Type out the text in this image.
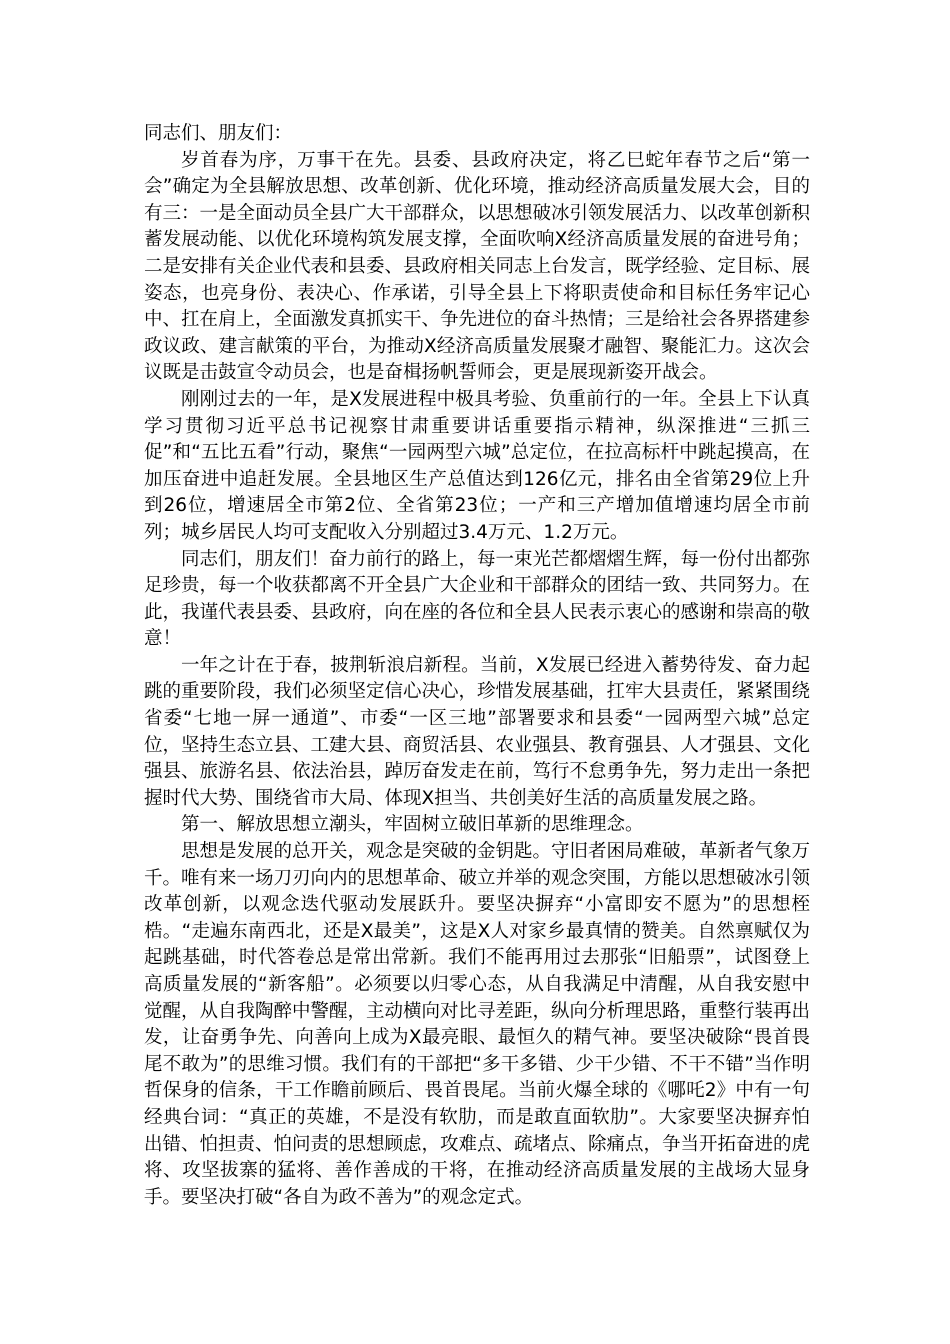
同志们、朋友们：

岁首春为序，万事干在先。县委、县政府决定，将乙巳蛇年春节之后“第一会”确定为全县解放思想、改革创新、优化环境，推动经济高质量发展大会，目的有三：一是全面动员全县广大干部群众，以思想破冰引领发展活力、以改革创新积蓄发展动能、以优化环境构筑发展支撑，全面吹响X经济高质量发展的奋进号角；二是安排有关企业代表和县委、县政府相关同志上台发言，既学经验、定目标、展姿态，也亮身份、表决心、作承诺，引导全县上下将职责使命和目标任务牢记心中、扛在肩上，全面激发真抓实干、争先进位的奋斗热情；三是给社会各界搭建参政议政、建言献策的平台，为推动X经济高质量发展聚才融智、聚能汇力。这次会议既是击鼓宣令动员会，也是奋楫扬帆誓师会，更是展现新姿开战会。

刚刚过去的一年，是X发展进程中极具考验、负重前行的一年。全县上下认真学习贯彻习近平总书记视察甘肃重要讲话重要指示精神，纵深推进“三抓三促”和“五比五看”行动，聚焦“一园两型六城”总定位，在拉高标杆中跳起摸高，在加压奋进中追赶发展。全县地区生产总值达到126亿元，排名由全省第29位上升到26位，增速居全市第2位、全省第23位；一产和三产增加值增速均居全市前列；城乡居民人均可支配收入分别超过3.4万元、1.2万元。

同志们，朋友们！奋力前行的路上，每一束光芒都熠熠生辉，每一份付出都弥足珍贵，每一个收获都离不开全县广大企业和干部群众的团结一致、共同努力。在此，我谨代表县委、县政府，向在座的各位和全县人民表示衷心的感谢和崇高的敬意！

一年之计在于春，披荆斩浪启新程。当前，X发展已经进入蓄势待发、奋力起跳的重要阶段，我们必须坚定信心决心，珍惜发展基础，扛牢大县责任，紧紧围绕省委“七地一屏一通道”、市委“一区三地”部署要求和县委“一园两型六城”总定位，坚持生态立县、工建大县、商贸活县、农业强县、教育强县、人才强县、文化强县、旅游名县、依法治县，踔厉奋发走在前，笃行不怠勇争先，努力走出一条把握时代大势、围绕省市大局、体现X担当、共创美好生活的高质量发展之路。

第一、解放思想立潮头，牢固树立破旧革新的思维理念。

思想是发展的总开关，观念是突破的金钥匙。守旧者困局难破，革新者气象万千。唯有来一场刀刃向内的思想革命、破立并举的观念突围，方能以思想破冰引领改革创新，以观念迭代驱动发展跃升。要坚决摒弃“小富即安不愿为”的思想桎梏。“走遍东南西北，还是X最美”，这是X人对家乡最真情的赞美。自然禀赋仅为起跳基础，时代答卷总是常出常新。我们不能再用过去那张“旧船票”，试图登上高质量发展的“新客船”。必须要以归零心态，从自我满足中清醒，从自我安慰中觉醒，从自我陶醉中警醒，主动横向对比寻差距，纵向分析理思路，重整行装再出发，让奋勇争先、向善向上成为X最亮眼、最恒久的精气神。要坚决破除“畏首畏尾不敢为”的思维习惯。我们有的干部把“多干多错、少干少错、不干不错”当作明哲保身的信条，干工作瞻前顾后、畏首畏尾。当前火爆全球的《哪吒2》中有一句经典台词：“真正的英雄，不是没有软肋，而是敢直面软肋”。大家要坚决摒弃怕出错、怕担责、怕问责的思想顾虑，攻难点、疏堵点、除痛点，争当开拓奋进的虎将、攻坚拔寨的猛将、善作善成的干将，在推动经济高质量发展的主战场大显身手。要坚决打破“各自为政不善为”的观念定式。
